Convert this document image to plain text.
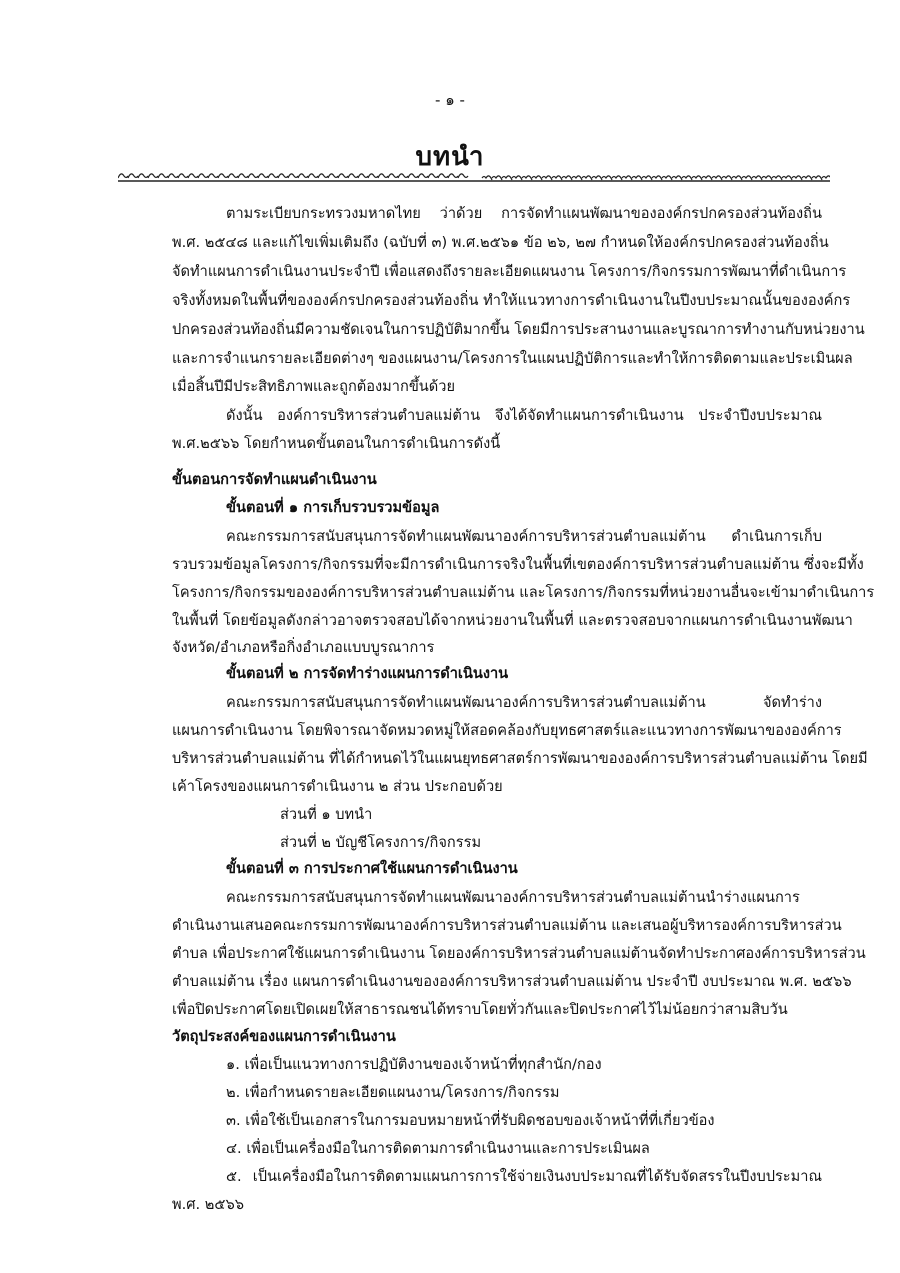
- ๑ -
บทนำ
ตามระเบียบกระทรวงมหาดไทย ว่าด้วย การจัดทำแผนพัฒนาขององค์กรปกครองส่วนท้องถิ่น
พ.ศ. ๒๕๔๘ และแก้ไขเพิ่มเติมถึง (ฉบับที่ ๓) พ.ศ.๒๕๖๑ ข้อ ๒๖, ๒๗ กำหนดให้องค์กรปกครองส่วนท้องถิ่น
จัดทำแผนการดำเนินงานประจำปี เพื่อแสดงถึงรายละเอียดแผนงาน โครงการ/กิจกรรมการพัฒนาที่ดำเนินการ
จริงทั้งหมดในพื้นที่ขององค์กรปกครองส่วนท้องถิ่น ทำให้แนวทางการดำเนินงานในปีงบประมาณนั้นขององค์กร
ปกครองส่วนท้องถิ่นมีความชัดเจนในการปฏิบัติมากขึ้น โดยมีการประสานงานและบูรณาการทำงานกับหน่วยงาน
และการจำแนกรายละเอียดต่างๆ ของแผนงาน/โครงการในแผนปฏิบัติการและทำให้การติดตามและประเมินผล
เมื่อสิ้นปีมีประสิทธิภาพและถูกต้องมากขึ้นด้วย
ดังนั้น องค์การบริหารส่วนตำบลแม่ต้าน จึงได้จัดทำแผนการดำเนินงาน ประจำปีงบประมาณ
พ.ศ.๒๕๖๖ โดยกำหนดขั้นตอนในการดำเนินการดังนี้
ขั้นตอนการจัดทำแผนดำเนินงาน
ขั้นตอนที่ ๑ การเก็บรวบรวมข้อมูล
คณะกรรมการสนับสนุนการจัดทำแผนพัฒนาองค์การบริหารส่วนตำบลแม่ต้าน ดำเนินการเก็บ
รวบรวมข้อมูลโครงการ/กิจกรรมที่จะมีการดำเนินการจริงในพื้นที่เขตองค์การบริหารส่วนตำบลแม่ต้าน ซึ่งจะมีทั้ง
โครงการ/กิจกรรมขององค์การบริหารส่วนตำบลแม่ต้าน และโครงการ/กิจกรรมที่หน่วยงานอื่นจะเข้ามาดำเนินการ
ในพื้นที่ โดยข้อมูลดังกล่าวอาจตรวจสอบได้จากหน่วยงานในพื้นที่ และตรวจสอบจากแผนการดำเนินงานพัฒนา
จังหวัด/อำเภอหรือกิ่งอำเภอแบบบูรณาการ
ขั้นตอนที่ ๒ การจัดทำร่างแผนการดำเนินงาน
คณะกรรมการสนับสนุนการจัดทำแผนพัฒนาองค์การบริหารส่วนตำบลแม่ต้าน จัดทำร่าง
แผนการดำเนินงาน โดยพิจารณาจัดหมวดหมู่ให้สอดคล้องกับยุทธศาสตร์และแนวทางการพัฒนาขององค์การ
บริหารส่วนตำบลแม่ต้าน ที่ได้กำหนดไว้ในแผนยุทธศาสตร์การพัฒนาขององค์การบริหารส่วนตำบลแม่ต้าน โดยมี
เค้าโครงของแผนการดำเนินงาน ๒ ส่วน ประกอบด้วย
ส่วนที่ ๑ บทนำ
ส่วนที่ ๒ บัญชีโครงการ/กิจกรรม
ขั้นตอนที่ ๓ การประกาศใช้แผนการดำเนินงาน
คณะกรรมการสนับสนุนการจัดทำแผนพัฒนาองค์การบริหารส่วนตำบลแม่ต้านนำร่างแผนการ
ดำเนินงานเสนอคณะกรรมการพัฒนาองค์การบริหารส่วนตำบลแม่ต้าน และเสนอผู้บริหารองค์การบริหารส่วน
ตำบล เพื่อประกาศใช้แผนการดำเนินงาน โดยองค์การบริหารส่วนตำบลแม่ต้านจัดทำประกาศองค์การบริหารส่วน
ตำบลแม่ต้าน เรื่อง แผนการดำเนินงานขององค์การบริหารส่วนตำบลแม่ต้าน ประจำปี งบประมาณ พ.ศ. ๒๕๖๖
เพื่อปิดประกาศโดยเปิดเผยให้สาธารณชนได้ทราบโดยทั่วกันและปิดประกาศไว้ไม่น้อยกว่าสามสิบวัน
วัตถุประสงค์ของแผนการดำเนินงาน
๑. เพื่อเป็นแนวทางการปฏิบัติงานของเจ้าหน้าที่ทุกสำนัก/กอง
๒. เพื่อกำหนดรายละเอียดแผนงาน/โครงการ/กิจกรรม
๓. เพื่อใช้เป็นเอกสารในการมอบหมายหน้าที่รับผิดชอบของเจ้าหน้าที่ที่เกี่ยวข้อง
๔. เพื่อเป็นเครื่องมือในการติดตามการดำเนินงานและการประเมินผล
๕. เป็นเครื่องมือในการติดตามแผนการการใช้จ่ายเงินงบประมาณที่ได้รับจัดสรรในปีงบประมาณ
พ.ศ. ๒๕๖๖
